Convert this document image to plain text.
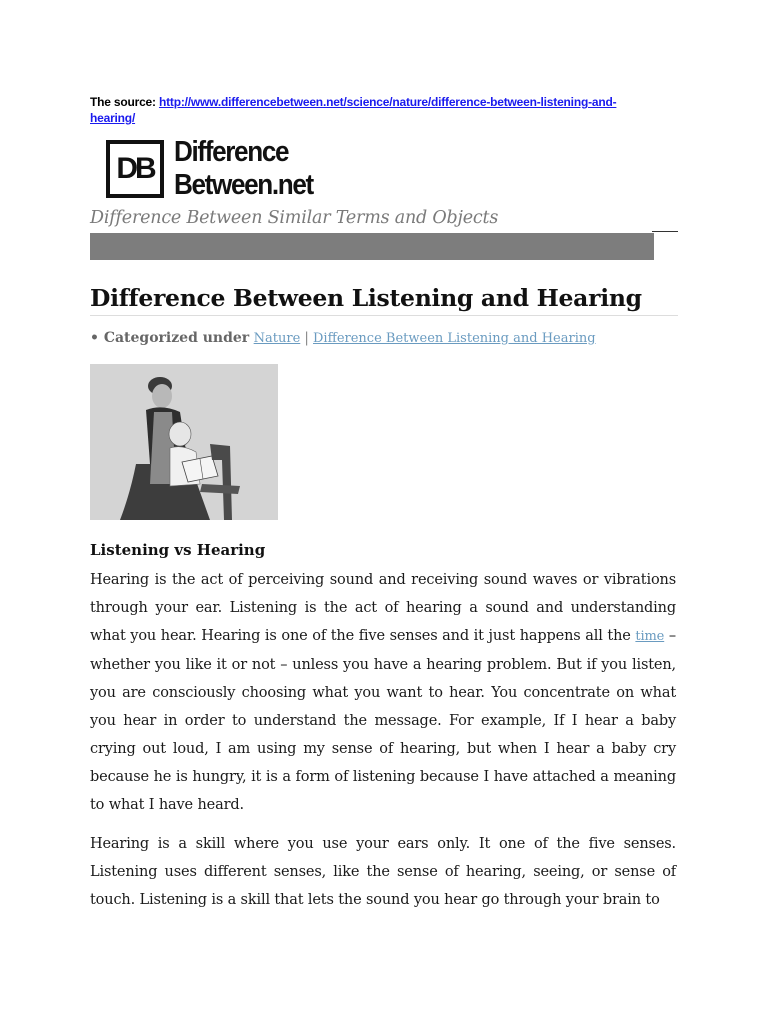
The source: http://www.differencebetween.net/science/nature/difference-between-listening-and-hearing/
DB Difference
Between.net
Difference Between Similar Terms and Objects
Difference Between Listening and Hearing
• Categorized under Nature | Difference Between Listening and Hearing
Listening vs Hearing

Hearing is the act of perceiving sound and receiving sound waves or vibrations through your ear. Listening is the act of hearing a sound and understanding what you hear. Hearing is one of the five senses and it just happens all the time – whether you like it or not – unless you have a hearing problem. But if you listen, you are consciously choosing what you want to hear. You concentrate on what you hear in order to understand the message. For example, If I hear a baby crying out loud, I am using my sense of hearing, but when I hear a baby cry because he is hungry, it is a form of listening because I have attached a meaning to what I have heard.

Hearing is a skill where you use your ears only. It one of the five senses. Listening uses different senses, like the sense of hearing, seeing, or sense of touch. Listening is a skill that lets the sound you hear go through your brain to
